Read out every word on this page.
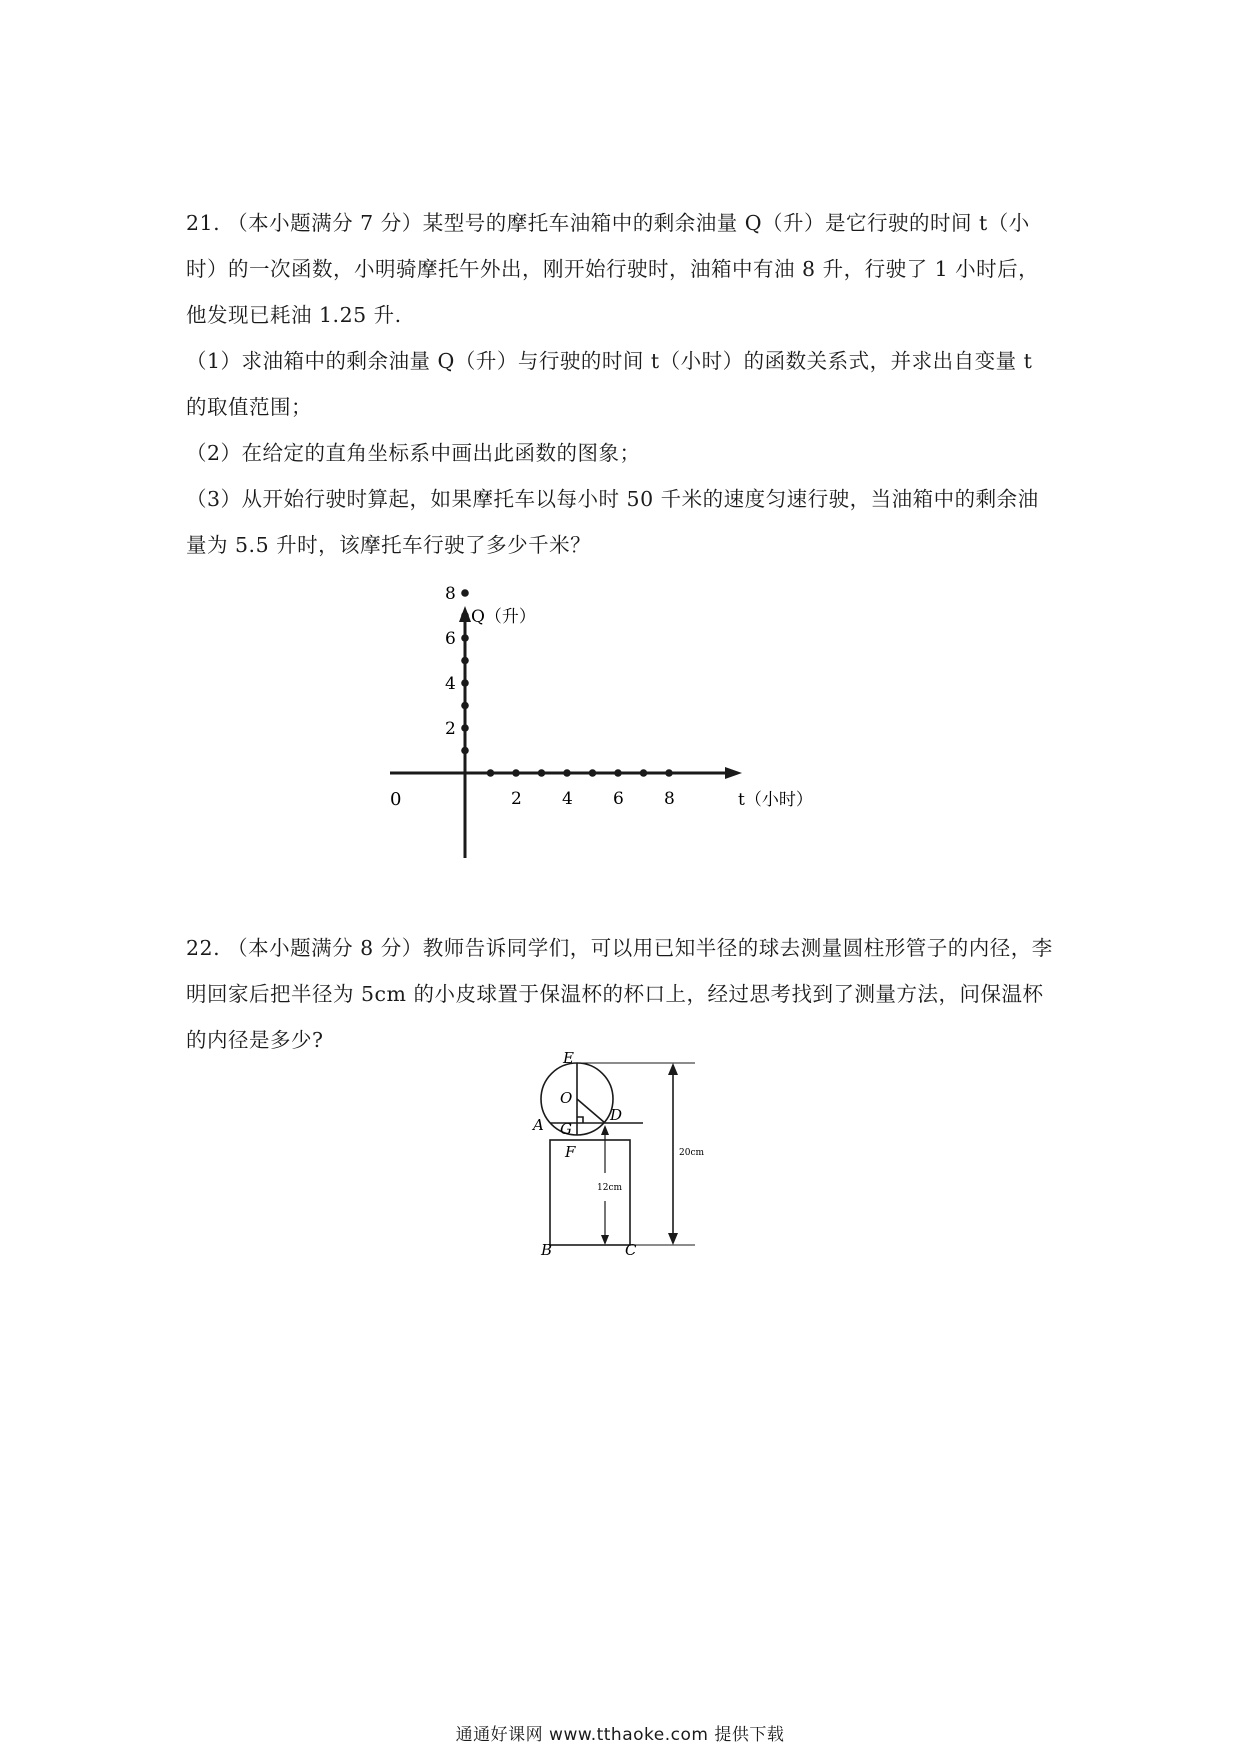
21. （本小题满分 7 分）某型号的摩托车油箱中的剩余油量 Q（升）是它行驶的时间 t（小时）的一次函数，小明骑摩托午外出，刚开始行驶时，油箱中有油 8 升，行驶了 1 小时后，他发现已耗油 1.25 升.
（1）求油箱中的剩余油量 Q（升）与行驶的时间 t（小时）的函数关系式，并求出自变量 t 的取值范围；
（2）在给定的直角坐标系中画出此函数的图象；
（3）从开始行驶时算起，如果摩托车以每小时 50 千米的速度匀速行驶，当油箱中的剩余油量为 5.5 升时，该摩托车行驶了多少千米？
Q（升）
t（小时）
0
2
4
6
8
2 4 6 8
22. （本小题满分 8 分）教师告诉同学们，可以用已知半径的球去测量圆柱形管子的内径，李明回家后把半径为 5cm 的小皮球置于保温杯的杯口上，经过思考找到了测量方法，问保温杯的内径是多少?
E
O
D
A G
F
B	C
20cm
12cm
通通好课网 www.tthaoke.com 提供下载
